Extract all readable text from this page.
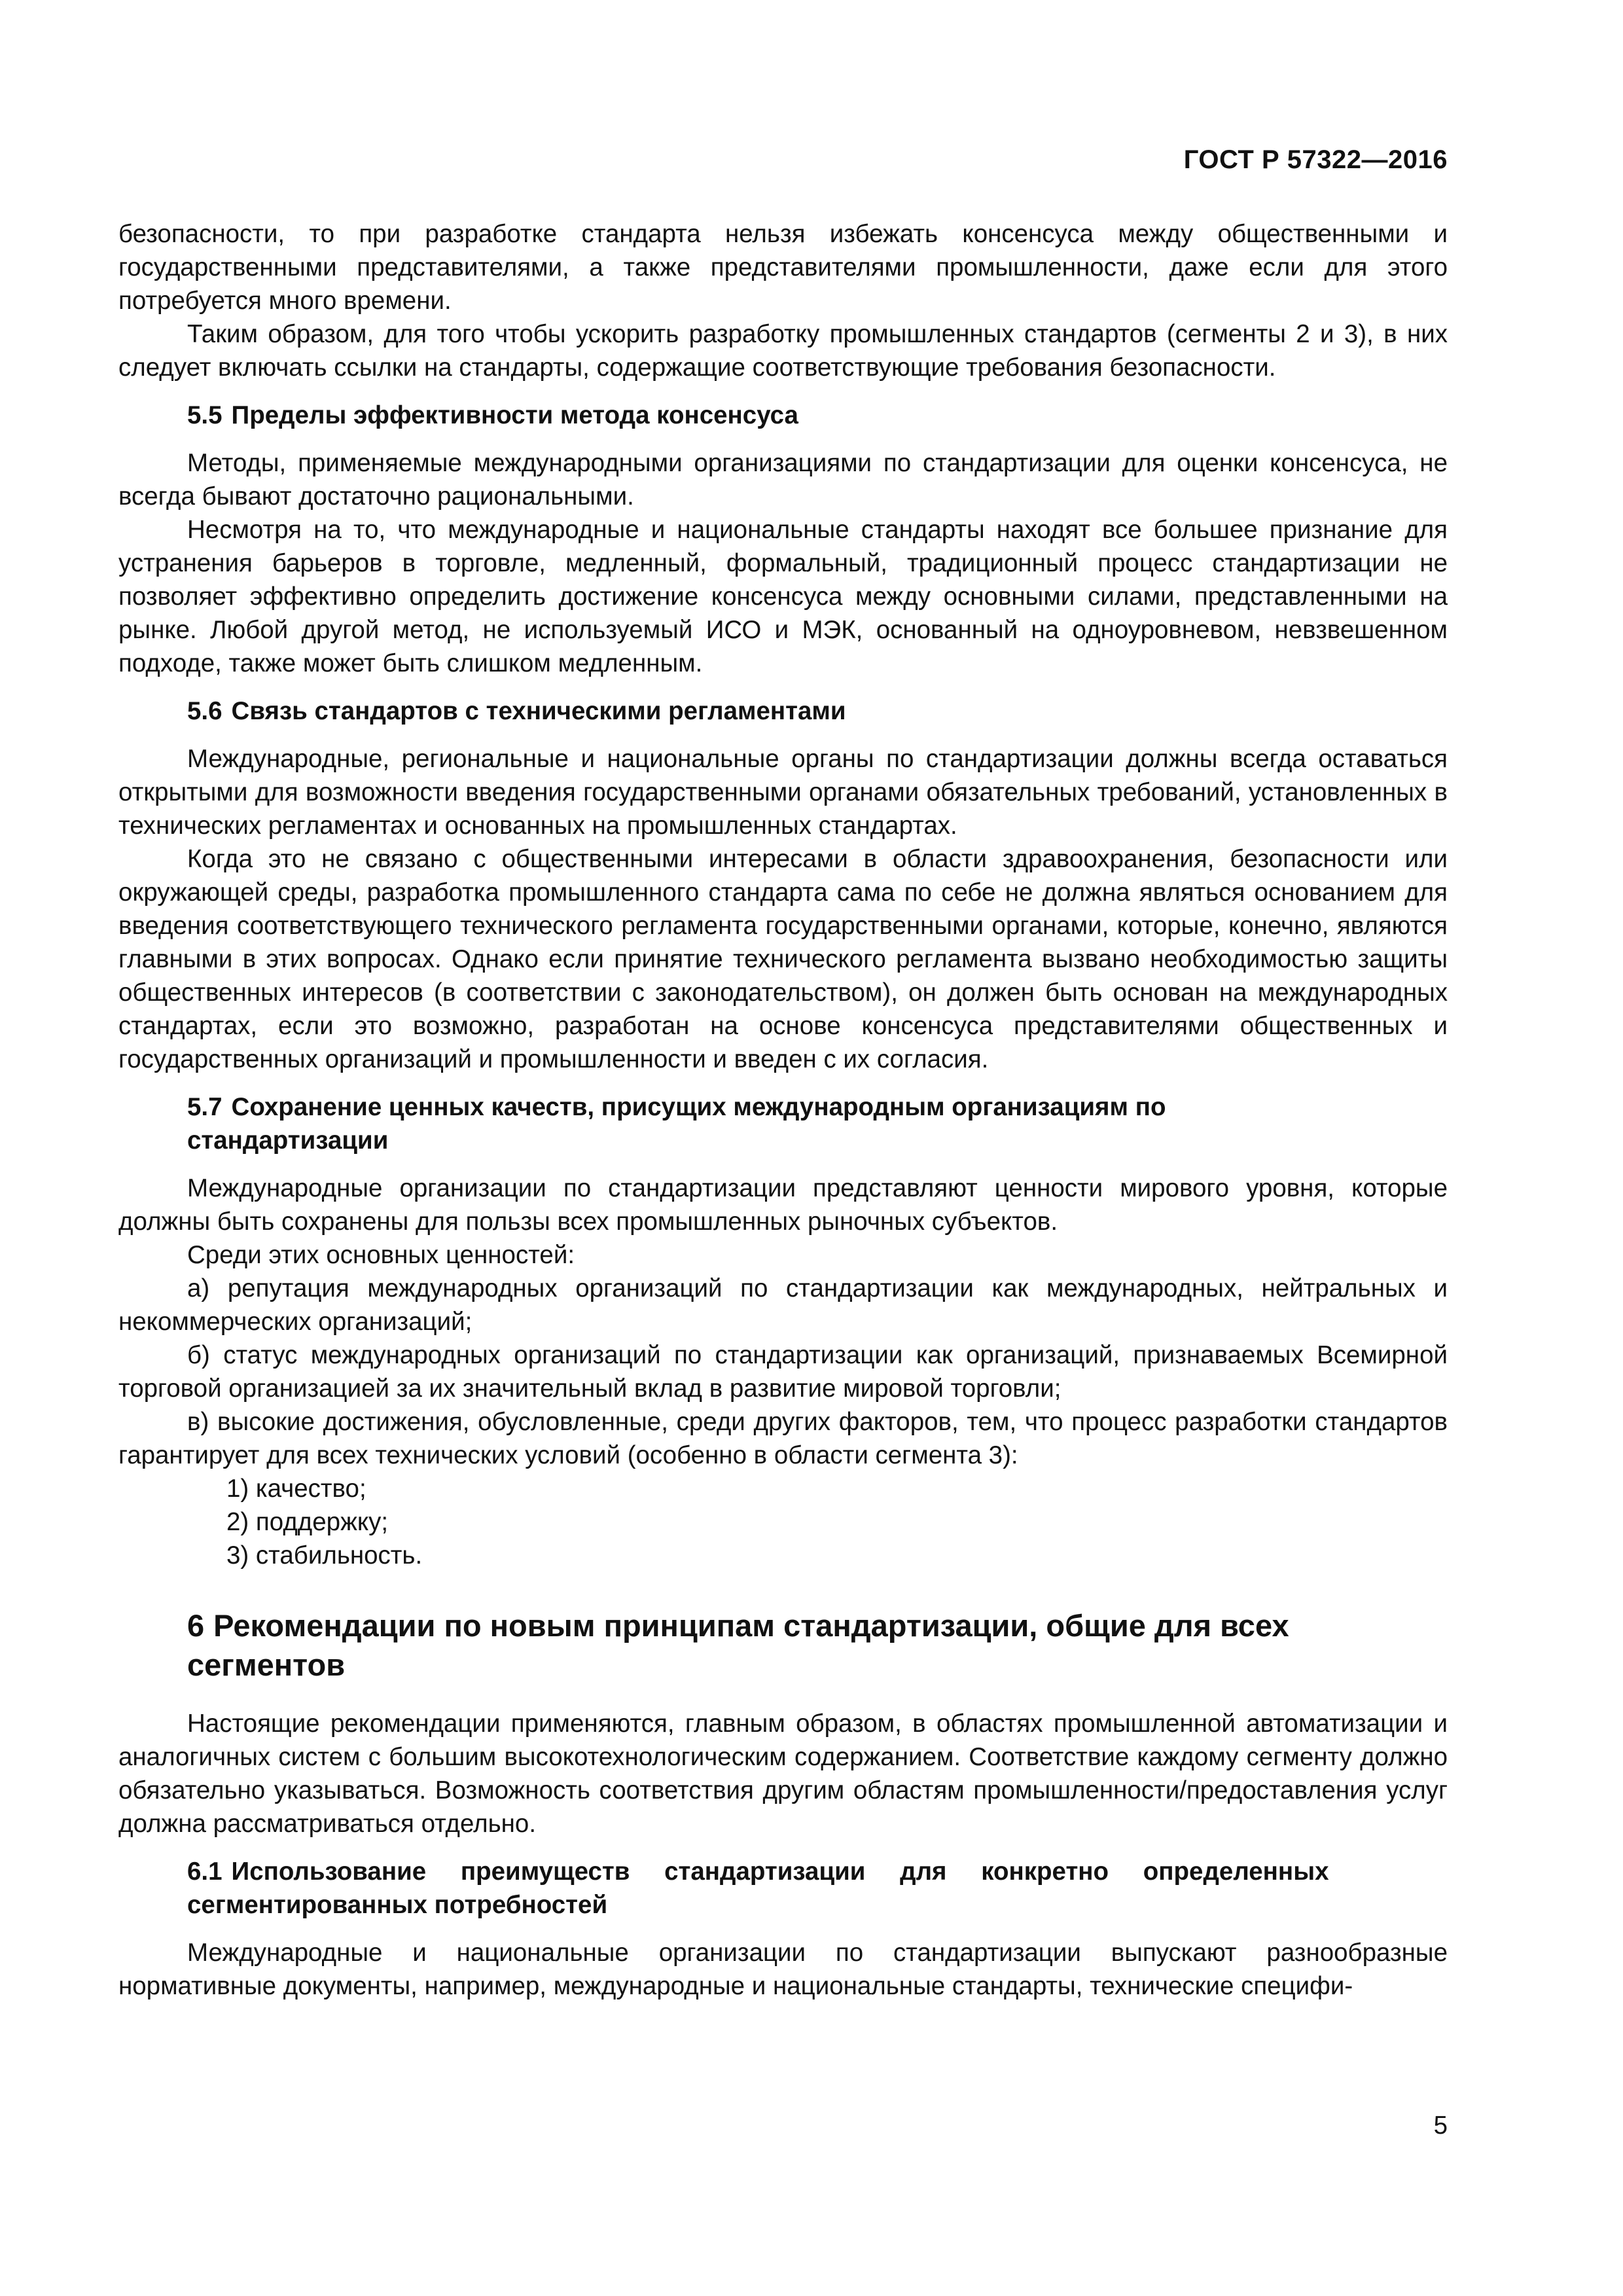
ГОСТ Р 57322—2016

безопасности, то при разработке стандарта нельзя избежать консенсуса между общественными и государственными представителями, а также представителями промышленности, даже если для этого потребуется много времени.

Таким образом, для того чтобы ускорить разработку промышленных стандартов (сегменты 2 и 3), в них следует включать ссылки на стандарты, содержащие соответствующие требования безопасности.

5.5 Пределы эффективности метода консенсуса

Методы, применяемые международными организациями по стандартизации для оценки консенсуса, не всегда бывают достаточно рациональными.

Несмотря на то, что международные и национальные стандарты находят все большее признание для устранения барьеров в торговле, медленный, формальный, традиционный процесс стандартизации не позволяет эффективно определить достижение консенсуса между основными силами, представленными на рынке. Любой другой метод, не используемый ИСО и МЭК, основанный на одноуровневом, невзвешенном подходе, также может быть слишком медленным.

5.6 Связь стандартов с техническими регламентами

Международные, региональные и национальные органы по стандартизации должны всегда оставаться открытыми для возможности введения государственными органами обязательных требований, установленных в технических регламентах и основанных на промышленных стандартах.

Когда это не связано с общественными интересами в области здравоохранения, безопасности или окружающей среды, разработка промышленного стандарта сама по себе не должна являться основанием для введения соответствующего технического регламента государственными органами, которые, конечно, являются главными в этих вопросах. Однако если принятие технического регламента вызвано необходимостью защиты общественных интересов (в соответствии с законодательством), он должен быть основан на международных стандартах, если это возможно, разработан на основе консенсуса представителями общественных и государственных организаций и промышленности и введен с их согласия.

5.7 Сохранение ценных качеств, присущих международным организациям по
стандартизации

Международные организации по стандартизации представляют ценности мирового уровня, которые должны быть сохранены для пользы всех промышленных рыночных субъектов.

Среди этих основных ценностей:

а) репутация международных организаций по стандартизации как международных, нейтральных и некоммерческих организаций;

б) статус международных организаций по стандартизации как организаций, признаваемых Всемирной торговой организацией за их значительный вклад в развитие мировой торговли;

в) высокие достижения, обусловленные, среди других факторов, тем, что процесс разработки стандартов гарантирует для всех технических условий (особенно в области сегмента 3):

1) качество;

2) поддержку;

3) стабильность.

6 Рекомендации по новым принципам стандартизации, общие для всех
сегментов

Настоящие рекомендации применяются, главным образом, в областях промышленной автоматизации и аналогичных систем с большим высокотехнологическим содержанием. Соответствие каждому сегменту должно обязательно указываться. Возможность соответствия другим областям промышленности/предоставления услуг должна рассматриваться отдельно.

6.1 Использование преимуществ стандартизации для конкретно определенных
сегментированных потребностей

Международные и национальные организации по стандартизации выпускают разнообразные нормативные документы, например, международные и национальные стандарты, технические специфи-

5
